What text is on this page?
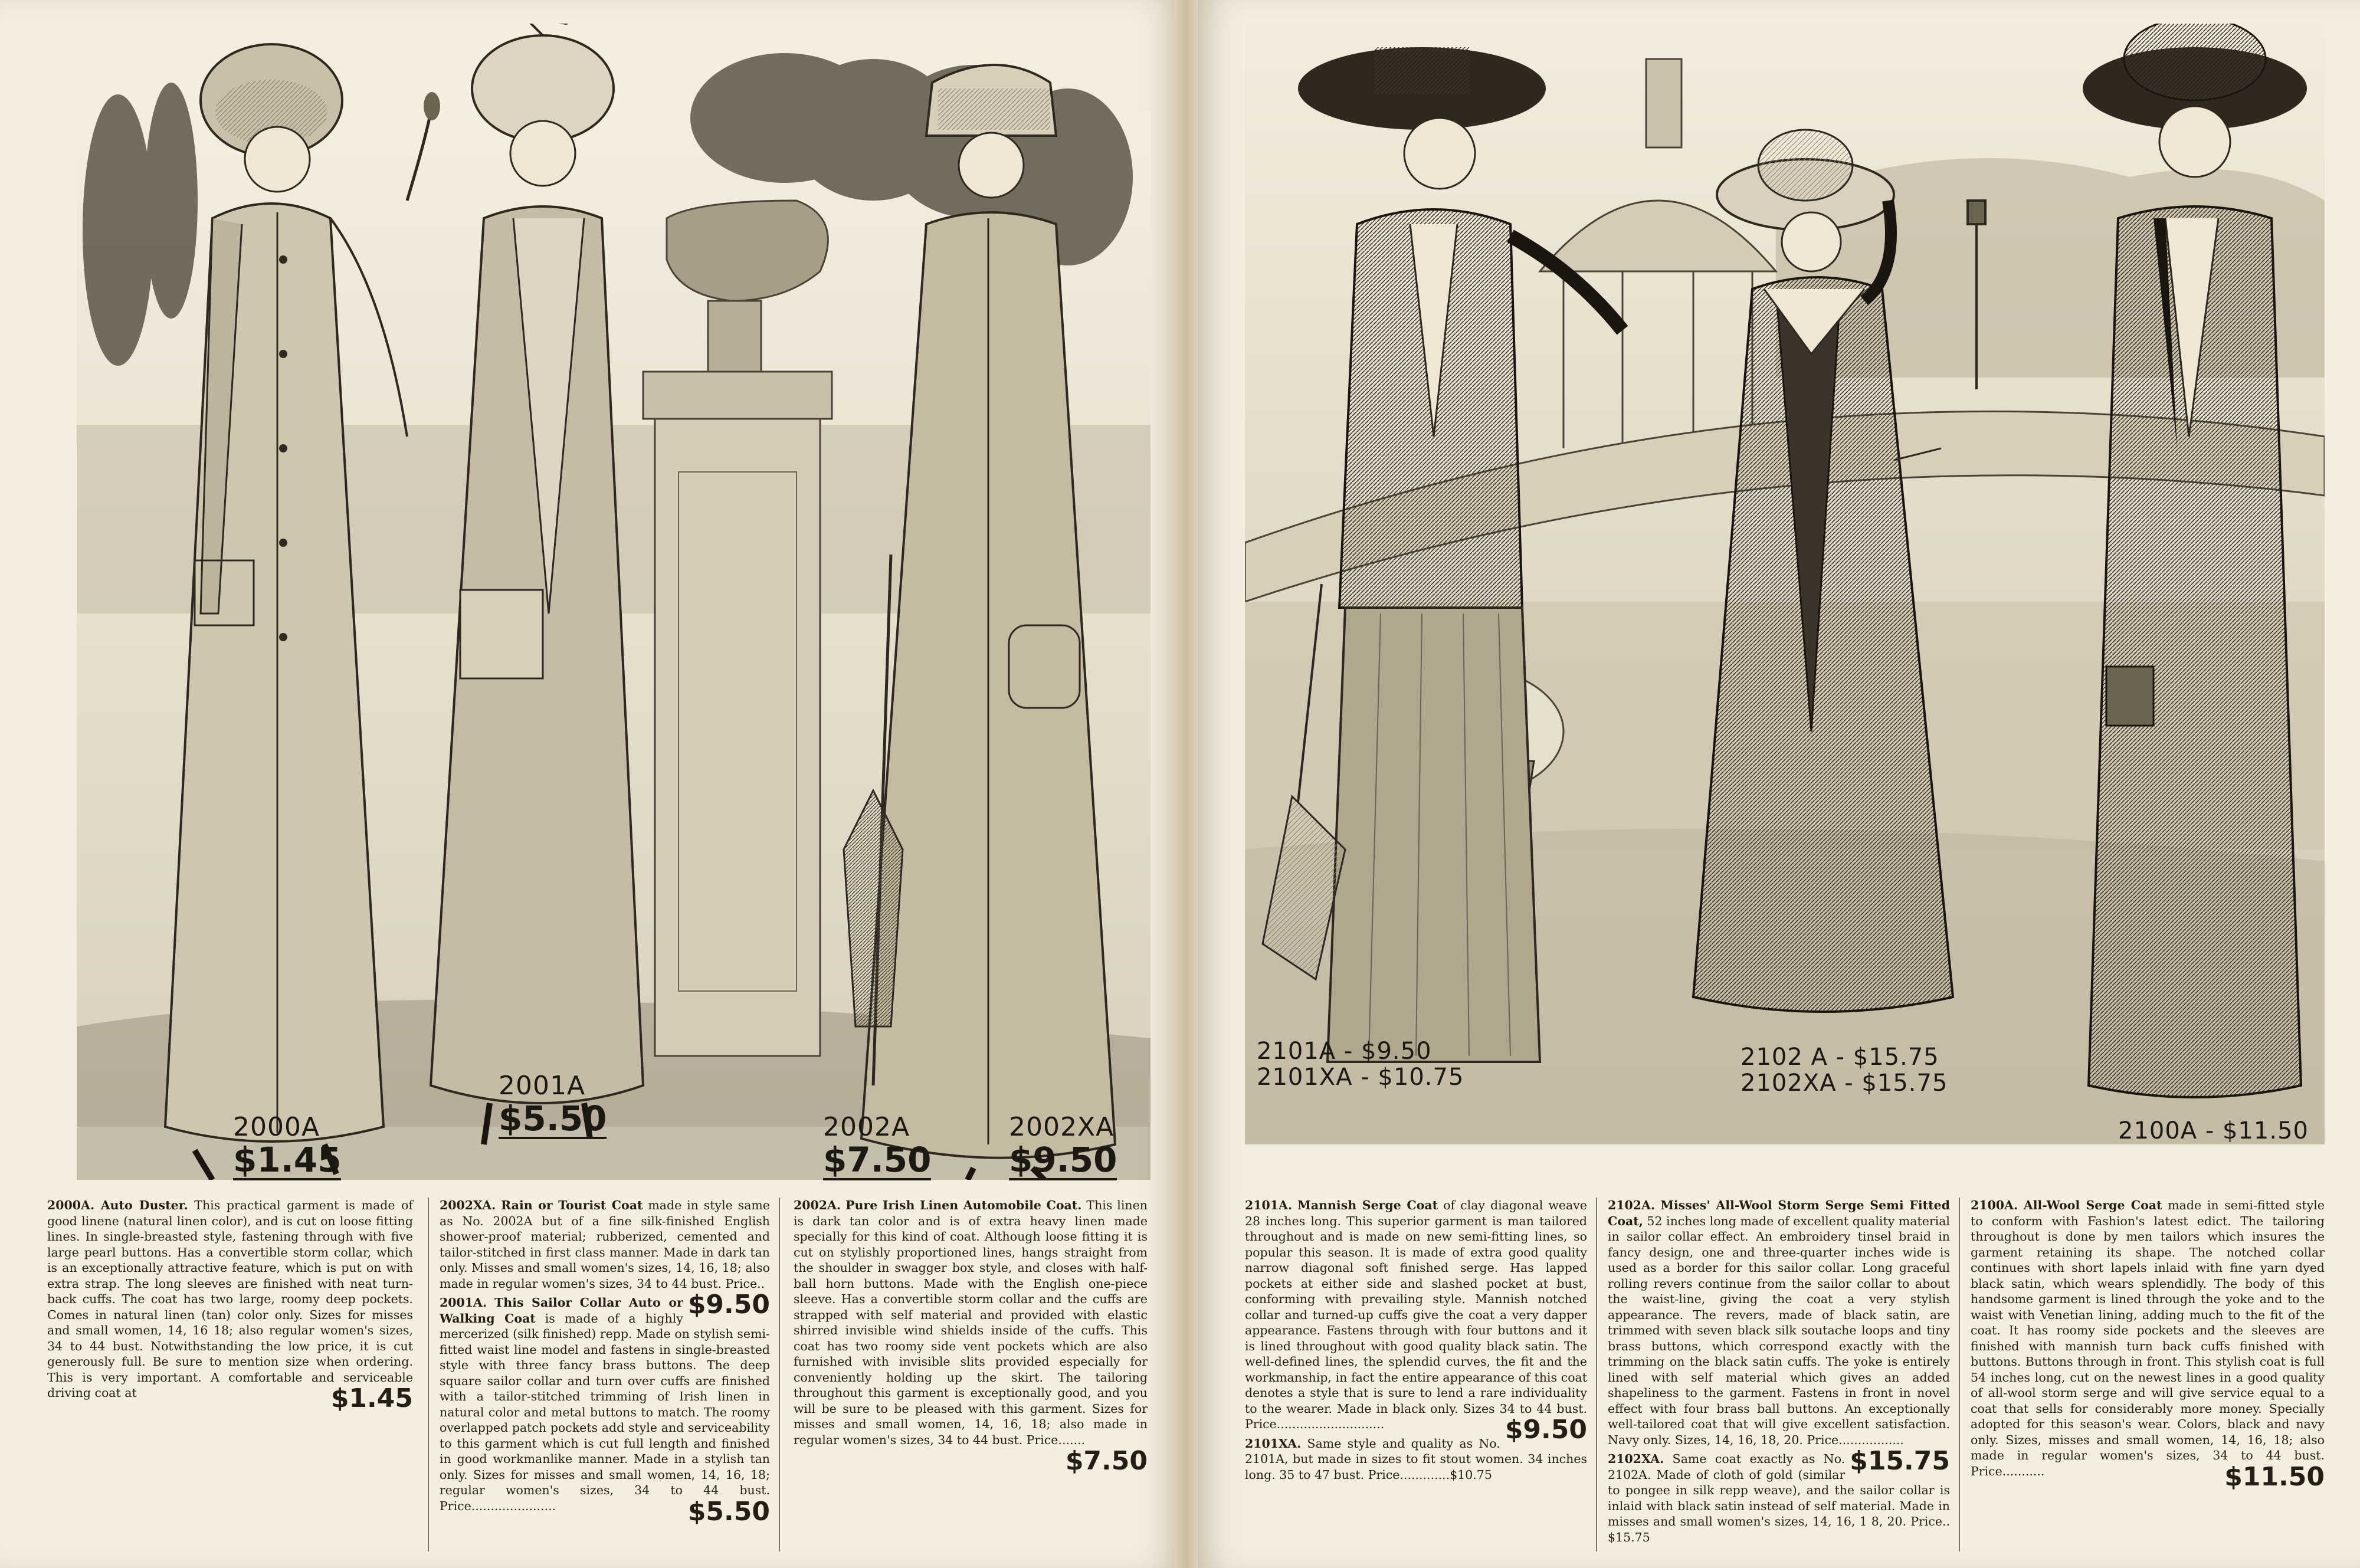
2000A
$1.45
2001A
$5.50	2002A
$7.50
2002XA
$9.50
2000A. Auto Duster. This practical garment is made of good linene (natural linen color), and is cut on loose fitting lines. In single-breasted style, fastening through with five large pearl buttons. Has a convertible storm collar, which is an exceptionally attractive feature, which is put on with extra strap. The long sleeves are finished with neat turn-back cuffs. The coat has two large, roomy deep pockets. Comes in natural linen (tan) color only. Sizes for misses and small women, 14, 16 18; also regular women's sizes, 34 to 44 bust. Notwithstanding the low price, it is cut generously full. Be sure to mention size when ordering. This is very important. A comfortable and serviceable driving coat at	$1.45
2002XA. Rain or Tourist Coat made in style same as No. 2002A but of a fine silk-finished English shower-proof material; rubberized, cemented and tailor-stitched in first class manner. Made in dark tan only. Misses and small women's sizes, 14, 16, 18; also made in regular women's sizes, 34 to 44 bust. Price..
$9.50
2001A. This Sailor Collar Auto or Walking Coat is made of a highly mercerized (silk finished) repp. Made on stylish semi-fitted waist line model and fastens in single-breasted style with three fancy brass buttons. The deep square sailor collar and turn over cuffs are finished with a tailor-stitched trimming of Irish linen in natural color and metal buttons to match. The roomy overlapped patch pockets add style and serviceability to this garment which is cut full length and finished in good workmanlike manner. Made in a stylish tan only. Sizes for misses and small women, 14, 16, 18; regular women's sizes, 34 to 44 bust. Price......................	$5.50
2002A. Pure Irish Linen Automobile Coat. This linen is dark tan color and is of extra heavy linen made specially for this kind of coat. Although loose fitting it is cut on stylishly proportioned lines, hangs straight from the shoulder in swagger box style, and closes with half-ball horn buttons. Made with the English one-piece sleeve. Has a convertible storm collar and the cuffs are strapped with self material and provided with elastic shirred invisible wind shields inside of the cuffs. This coat has two roomy side vent pockets which are also furnished with invisible slits provided especially for conveniently holding up the skirt. The tailoring throughout this garment is exceptionally good, and you will be sure to be pleased with this garment. Sizes for misses and small women, 14, 16, 18; also made in regular women's sizes, 34 to 44 bust. Price.......
$7.50
2101A - $9.50
2101XA - $10.75
2102 A - $15.75
2102XA - $15.75
2100A - $11.50
2101A. Mannish Serge Coat of clay diagonal weave 28 inches long. This superior garment is man tailored throughout and is made on new semi-fitting lines, so popular this season. It is made of extra good quality narrow diagonal soft finished serge. Has lapped pockets at either side and slashed pocket at bust, conforming with prevailing style. Mannish notched collar and turned-up cuffs give the coat a very dapper appearance. Fastens through with four buttons and it is lined throughout with good quality black satin. The well-defined lines, the splendid curves, the fit and the workmanship, in fact the entire appearance of this coat denotes a style that is sure to lend a rare individuality to the wearer. Made in black only. Sizes 34 to 44 bust. Price............................	$9.50
2101XA. Same style and quality as No. 2101A, but made in sizes to fit stout women. 34 inches long. 35 to 47 bust. Price.............$10.75
2102A. Misses' All-Wool Storm Serge Semi Fitted Coat, 52 inches long made of excellent quality material in sailor collar effect. An embroidery tinsel braid in fancy design, one and three-quarter inches wide is used as a border for this sailor collar. Long graceful rolling revers continue from the sailor collar to about the waist-line, giving the coat a very stylish appearance. The revers, made of black satin, are trimmed with seven black silk soutache loops and tiny brass buttons, which correspond exactly with the trimming on the black satin cuffs. The yoke is entirely lined with self material which gives an added shapeliness to the garment. Fastens in front in novel effect with four brass ball buttons. An exceptionally well-tailored coat that will give excellent satisfaction. Navy only. Sizes, 14, 16, 18, 20. Price.................
$15.75
2102XA. Same coat exactly as No. 2102A. Made of cloth of gold (similar to pongee in silk repp weave), and the sailor collar is inlaid with black satin instead of self material. Made in misses and small women's sizes, 14, 16, 1 8, 20. Price.. $15.75
2100A. All-Wool Serge Coat made in semi-fitted style to conform with Fashion's latest edict. The tailoring throughout is done by men tailors which insures the garment retaining its shape. The notched collar continues with short lapels inlaid with fine yarn dyed black satin, which wears splendidly. The body of this handsome garment is lined through the yoke and to the waist with Venetian lining, adding much to the fit of the coat. It has roomy side pockets and the sleeves are finished with mannish turn back cuffs finished with buttons. Buttons through in front. This stylish coat is full 54 inches long, cut on the newest lines in a good quality of all-wool storm serge and will give service equal to a coat that sells for considerably more money. Specially adopted for this season's wear. Colors, black and navy only. Sizes, misses and small women, 14, 16, 18; also made in regular women's sizes, 34 to 44 bust. Price...........	$11.50
